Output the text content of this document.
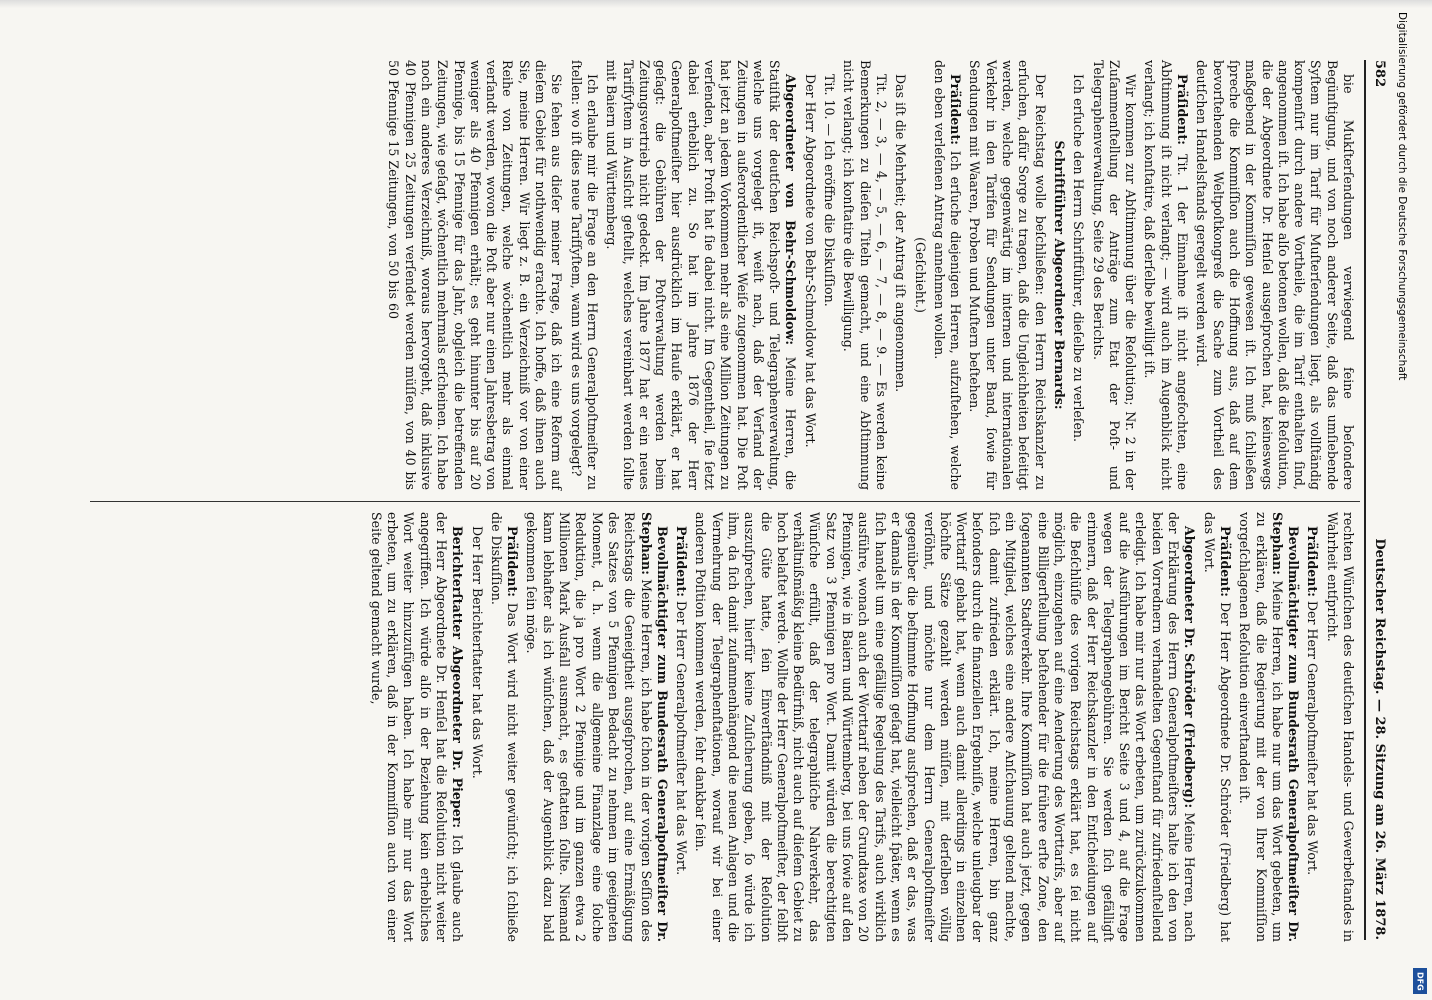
582
Deutscher Reichstag. — 28. Sitzung am 26. März 1878.

bie Mukſterſendungen verwiegend feine beſondere Begünſtigung, und von noch anderer Seite, daß das umſiebende Syſtem nur im Tarif für Muſterſendungen liegt, als vollſtändig kompenſirt durch andere Vortheile, die im Tarif enthalten ſind, angenommen iſt. Ich habe alſo betonen wollen, daß die Reſolution, die der Abgeordnete Dr. Henſel ausgeſprochen hat, keineswegs maßgebend in der Kommiſſion gewesen iſt. Ich muß ſchließen ſpreche die Kommiſſion auch die Hoffnung aus, daß auf dem bevorſtehenden Weltpoſtkongreß die Sache zum Vortheil des deutſchen Handelsſtands geregelt werden wird.

Präſident: Tit. 1 der Einnahme iſt nicht angefochten, eine Abſtimmung iſt nicht verlangt; — wird auch im Augenblick nicht verlangt; ich konſtatire, daß derſelbe bewilligt iſt.

Wir kommen zur Abſtimmung über die Reſolution; Nr. 2 in der Zuſammenſtellung der Anträge zum Etat der Poſt- und Telegraphenverwaltung, Seite 29 des Berichts.

Ich erſuche den Herrn Schriftführer, dieſelbe zu verleſen.

Schriftführer Abgeordneter Bernards:

Der Reichstag wolle beſchließen: den Herrn Reichskanzler zu erſuchen, dafür Sorge zu tragen, daß die Ungleichheiten beſeitigt werden, welche gegenwärtig im internen und internationalen Verkehr in den Tarifen für Sendungen unter Band, ſowie für Sendungen mit Waaren, Proben und Muſtern beſtehen.

Präſident: Ich erſuche diejenigen Herren, aufzuſtehen, welche den eben verleſenen Antrag annehmen wollen.

(Geſchieht.)

Das iſt die Mehrheit; der Antrag iſt angenommen.

Tit. 2, — 3, — 4, — 5, — 6, — 7, — 8, — 9. — Es werden keine Bemerkungen zu dieſen Titeln gemacht, und eine Abſtimmung nicht verlangt; ich konſtatire die Bewilligung.

Tit. 10. — Ich eröffne die Diskuſſion.

Der Herr Abgeordnete von Behr-Schmoldow hat das Wort.

Abgeordneter von Behr-Schmoldow: Meine Herren, die Statiſtik der deutſchen Reichspoſt- und Telegraphenverwaltung, welche uns vorgelegt iſt, weiſt nach, daß der Verſand der Zeitungen in außerordentlicher Weiſe zugenommen hat. Die Poſt hat jetzt an jedem Vorkommen mehr als eine Million Zeitungen zu verſenden, aber Profit hat ſie dabei nicht. Im Gegentheil, ſie ſetzt dabei erheblich zu. So hat im Jahre 1876 der Herr Generalpoſtmeiſter hier ausdrücklich im Hauſe erklärt, er hat geſagt: die Gebühren der Poſtverwaltung werden beim Zeitungsvertrieb nicht gedeckt. Im Jahre 1877 hat er ein neues Tarifſyſtem in Ausſicht geſtellt, welches vereinbart werden ſollte mit Baiern und Württemberg.

Ich erlaube mir die Frage an den Herrn Generalpoſtmeiſter zu ſtellen: wo iſt dies neue Tarifſyſtem, wann wird es uns vorgelegt?

Sie ſehen aus dieſer meiner Frage, daß ich eine Reform auf dieſem Gebiet für nothwendig erachte. Ich hoffe, daß ihnen auch Sie, meine Herren. Wir liegt z. B. ein Verzeichniß vor von einer Reihe von Zeitungen, welche wöchentlich mehr als einmal verſandt werden, wovon die Poſt aber nur einen Jahresbetrag von weniger als 40 Pfennigen erhält; es geht hinunter bis auf 20 Pfennige, bis 15 Pfennige für das Jahr, obgleich die betreffenden Zeitungen, wie geſagt, wöchentlich mehrmals erſcheinen. Ich habe noch ein anderes Verzeichniß, woraus hervorgeht, daß inklusive 40 Pfennigen 25 Zeitungen verſendet werden müſſen, von 40 bis 50 Pfennige 15 Zeitungen, von 50 bis 60

rechten Wünſchen des deutſchen Handels- und Gewerbeſtandes in Wahrheit entſpricht.

Präſident: Der Herr Generalpoſtmeiſter hat das Wort.

Bevollmächtigter zum Bundesrath Generalpoſtmeiſter Dr. Stephan: Meine Herren, ich habe nur um das Wort gebeten, um zu erklären, daß die Regierung mit der von Ihrer Kommiſſion vorgeſchlagenen Reſolution einverſtanden iſt.

Präſident: Der Herr Abgeordnete Dr. Schröder (Friedberg) hat das Wort.

Abgeordneter Dr. Schröder (Friedberg): Meine Herren, nach der Erklärung des Herrn Generalpoſtmeiſters halte ich den von beiden Vorrednern verhandelten Gegenſtand für zufriedenſtellend erledigt. Ich habe mir nur das Wort erbeten, um zurückzukommen auf die Ausführungen im Bericht Seite 3 und 4, auf die Frage wegen der Telegraphengebühren. Sie werden ſich gefälligſt erinnern, daß der Herr Reichskanzler in den Entſcheidungen auf die Beſchlüſſe des vorigen Reichstags erklärt hat, es ſei nicht möglich, einzugehen auf eine Aenderung des Worttarifs, aber auf eine Billigerſtellung beſtehender für die frühere erſte Zone, den ſogenannten Stadtverkehr. Ihre Kommiſſion hat auch jetzt, gegen ein Mitglied, welches eine andere Anſchauung geltend machte, ſich damit zufrieden erklärt. Ich, meine Herren, bin ganz beſonders durch die finanziellen Ergebniſſe, welche unleugbar der Worttarif gehabt hat, wenn auch damit allerdings in einzelnen höchſte Sätze gezahlt werden müſſen, mit derſelben völlig verſöhnt, und möchte nur dem Herrn Generalpoſtmeiſter gegenüber die beſtimmte Hoffnung ausſprechen, daß er das, was er damals in der Kommiſſion geſagt hat, vielleicht ſpäter, wenn es ſich handelt um eine gefällige Regelung des Tarifs, auch wirklich ausführe, wonach auch der Worttarif neben der Grundtaxe von 20 Pfennigen, wie in Baiern und Württemberg, bei uns ſowie auf den Satz von 3 Pfennigen pro Wort. Damit würden die berechtigten Wünſche erfüllt, daß der telegraphiſche Nahverkehr, das verhältnißmäßig kleine Bedürfniß, nicht auch auf dieſem Gebiet zu hoch belaſtet werde. Wollte der Herr Generalpoſtmeiſter, der ſelbſt die Güte hatte, ſein Einverſtändniß mit der Reſolution auszuſprechen, hierfür keine Zuſicherung geben, ſo würde ich ihm, da ſich damit zuſammenhängend die neuen Anlagen und die Vermehrung der Telegraphenſtationen, worauf wir bei einer anderen Poſition kommen werden, ſehr dankbar ſein.

Präſident: Der Herr Generalpoſtmeiſter hat das Wort.

Bevollmächtigter zum Bundesrath Generalpoſtmeiſter Dr. Stephan: Meine Herren, ich habe ſchon in der vorigen Seſſion des Reichstags die Geneigtheit ausgeſprochen, auf eine Ermäßigung des Satzes von 5 Pfennigen Bedacht zu nehmen im geeigneten Moment, d. h. wenn die allgemeine Finanzlage eine ſolche Reduktion, die ja pro Wort 2 Pfennige und im ganzen etwa 2 Millionen Mark Ausfall ausmacht, es geſtatten ſollte. Niemand kann lebhafter als ich wünſchen, daß der Augenblick dazu bald gekommen ſein möge.

Präſident: Das Wort wird nicht weiter gewünſcht; ich ſchließe die Diskuſſion.

Der Herr Berichterſtatter hat das Wort.

Berichterſtatter Abgeordneter Dr. Pieper: Ich glaube auch der Herr Abgeordnete Dr. Henſel hat die Reſolution nicht weiter angegriffen. Ich würde alſo in der Beziehung kein erhebliches Wort weiter hinzuzufügen haben. Ich habe mir nur das Wort erbeten, um zu erklären, daß in der Kommiſſion auch von einer Seite geltend gemacht wurde,

Digitalisierung gefördert durch die Deutsche Forschungsgemeinschaft
DFG
